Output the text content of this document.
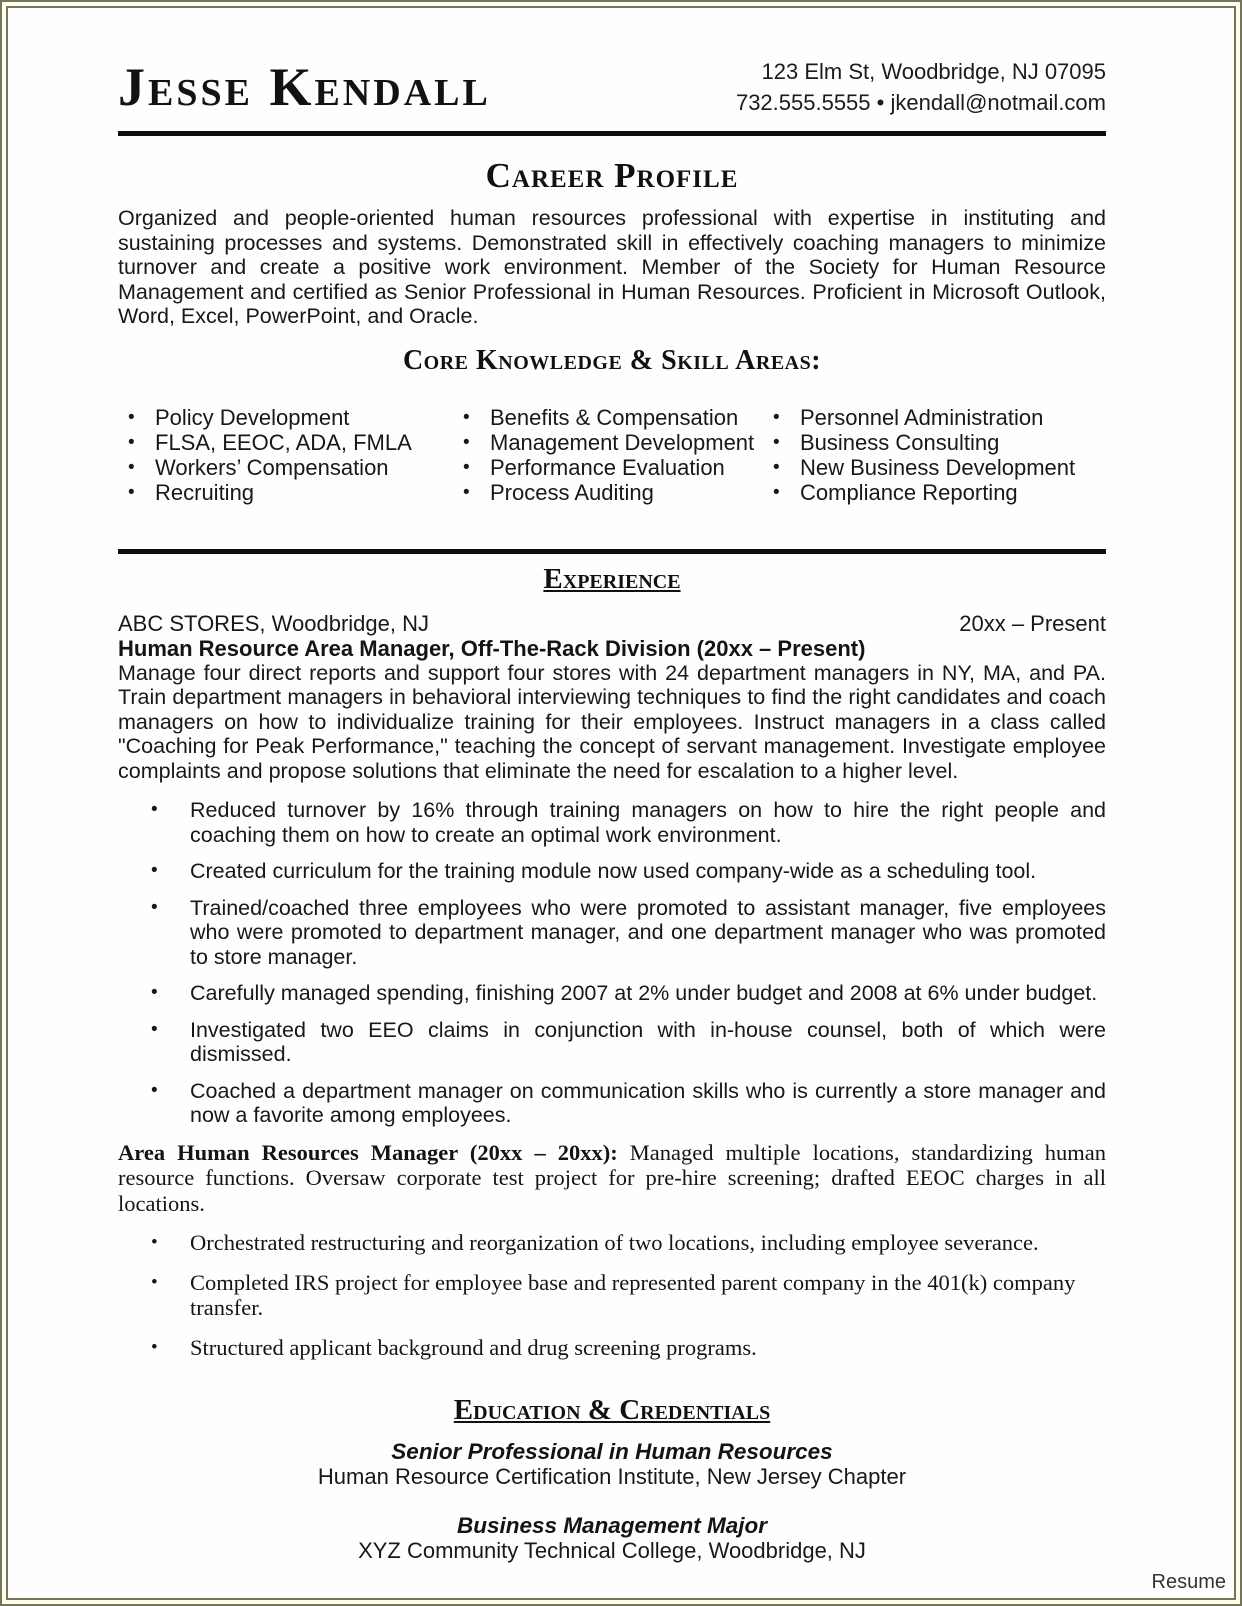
Jesse Kendall	123 Elm St, Woodbridge, NJ 07095
732.555.5555 • jkendall@notmail.com
Career Profile

Organized and people-oriented human resources professional with expertise in instituting and sustaining processes and systems. Demonstrated skill in effectively coaching managers to minimize turnover and create a positive work environment. Member of the Society for Human Resource Management and certified as Senior Professional in Human Resources. Proficient in Microsoft Outlook, Word, Excel, PowerPoint, and Oracle.

Core Knowledge & Skill Areas:
• Policy Development
• FLSA, EEOC, ADA, FMLA
• Workers’ Compensation
• Recruiting
• Benefits & Compensation
• Management Development
• Performance Evaluation
• Process Auditing
• Personnel Administration
• Business Consulting
• New Business Development
• Compliance Reporting
Experience
ABC STORES, Woodbridge, NJ	20xx – Present
Human Resource Area Manager, Off-The-Rack Division (20xx – Present)

Manage four direct reports and support four stores with 24 department managers in NY, MA, and PA. Train department managers in behavioral interviewing techniques to find the right candidates and coach managers on how to individualize training for their employees. Instruct managers in a class called "Coaching for Peak Performance," teaching the concept of servant management. Investigate employee complaints and propose solutions that eliminate the need for escalation to a higher level.

•	Reduced turnover by 16% through training managers on how to hire the right people and coaching them on how to create an optimal work environment.
•	Created curriculum for the training module now used company-wide as a scheduling tool.
•	Trained/coached three employees who were promoted to assistant manager, five employees who were promoted to department manager, and one department manager who was promoted to store manager.
•	Carefully managed spending, finishing 2007 at 2% under budget and 2008 at 6% under budget.
•	Investigated two EEO claims in conjunction with in-house counsel, both of which were dismissed.
•	Coached a department manager on communication skills who is currently a store manager and now a favorite among employees.

Area Human Resources Manager (20xx – 20xx): Managed multiple locations, standardizing human resource functions. Oversaw corporate test project for pre-hire screening; drafted EEOC charges in all locations.

•	Orchestrated restructuring and reorganization of two locations, including employee severance.
•	Completed IRS project for employee base and represented parent company in the 401(k) company transfer.
•	Structured applicant background and drug screening programs.
Education & Credentials
Senior Professional in Human Resources
Human Resource Certification Institute, New Jersey Chapter
Business Management Major
XYZ Community Technical College, Woodbridge, NJ
Resume
